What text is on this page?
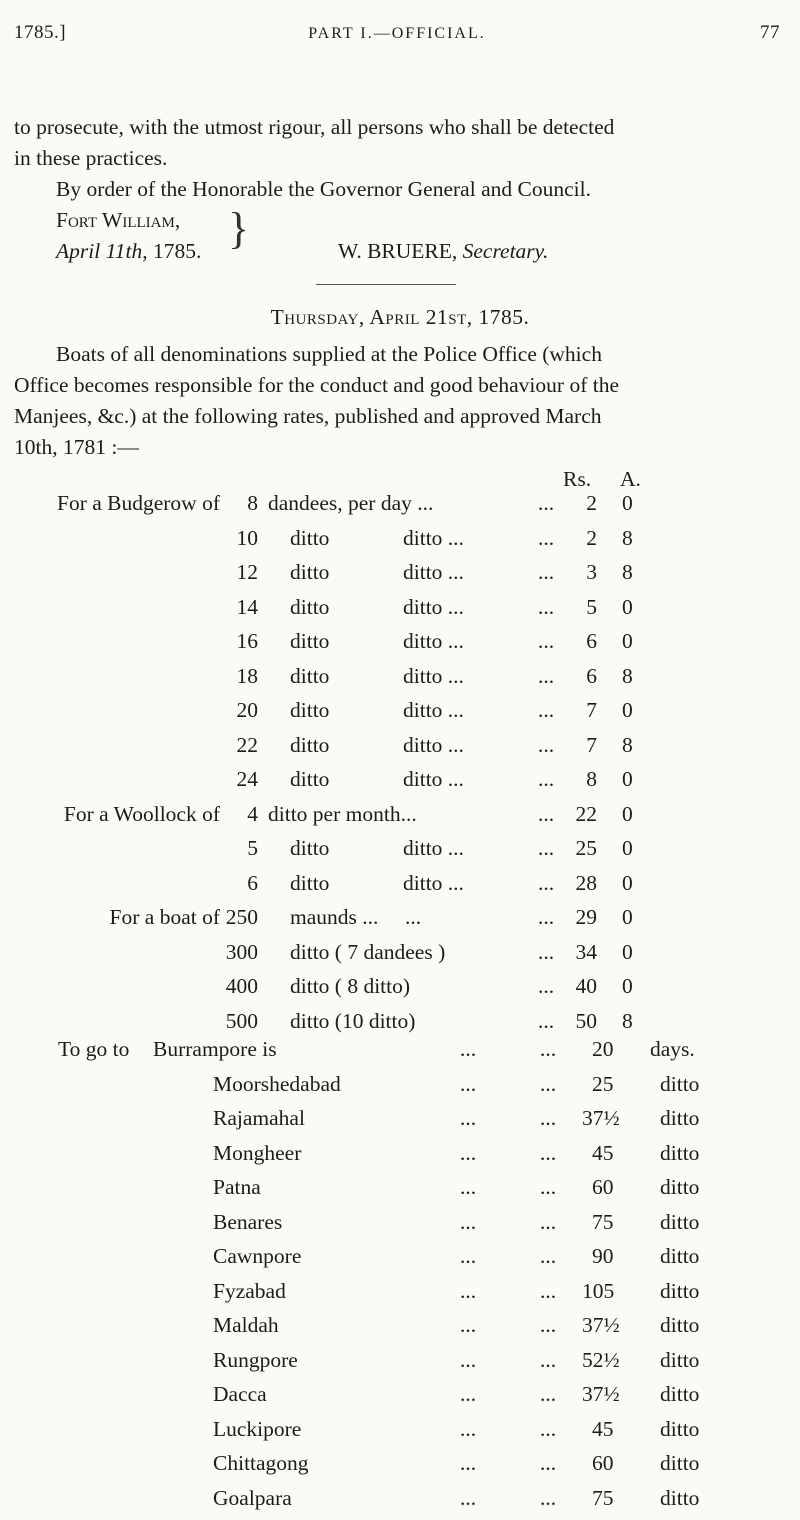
1785.]	PART I.—OFFICIAL.	77
to prosecute, with the utmost rigour, all persons who shall be detected
in these practices.
By order of the Honorable the Governor General and Council.
Fort William,
April 11th, 1785. }	W. BRUERE, Secretary.
Thursday, April 21st, 1785.
Boats of all denominations supplied at the Police Office (which
Office becomes responsible for the conduct and good behaviour of the
Manjees, &c.) at the following rates, published and approved March
10th, 1781 :—
Rs. A.
For a Budgerow of 8 dandees, per day ...	... 2 0
10 ditto	ditto ...	... 2 8
12 ditto	ditto ...	... 3 8
14 ditto	ditto ...	... 5 0
16 ditto	ditto ...	... 6 0
18 ditto	ditto ...	... 6 8
20 ditto	ditto ...	... 7 0
22 ditto	ditto ...	... 7 8
24 ditto	ditto ...	... 8 0
For a Woollock of 4 ditto per month...	... 22 0
5 ditto	ditto ...	... 25 0
6 ditto	ditto ...	... 28 0
For a boat of 250 maunds ... ...	... 29 0
300 ditto ( 7 dandees )	... 34 0
400 ditto ( 8 ditto)	... 40 0
500 ditto (10 ditto)	... 50 8
To go to Burrampore is	...	... 20 days.
Moorshedabad	...	... 25 ditto
Rajamahal	...	... 37½ ditto
Mongheer	...	... 45 ditto
Patna	...	... 60 ditto
Benares	...	... 75 ditto
Cawnpore	...	... 90 ditto
Fyzabad	...	... 105 ditto
Maldah	...	... 37½ ditto
Rungpore	...	... 52½ ditto
Dacca	...	... 37½ ditto
Luckipore	...	... 45 ditto
Chittagong	...	... 60 ditto
Goalpara	...	... 75 ditto
